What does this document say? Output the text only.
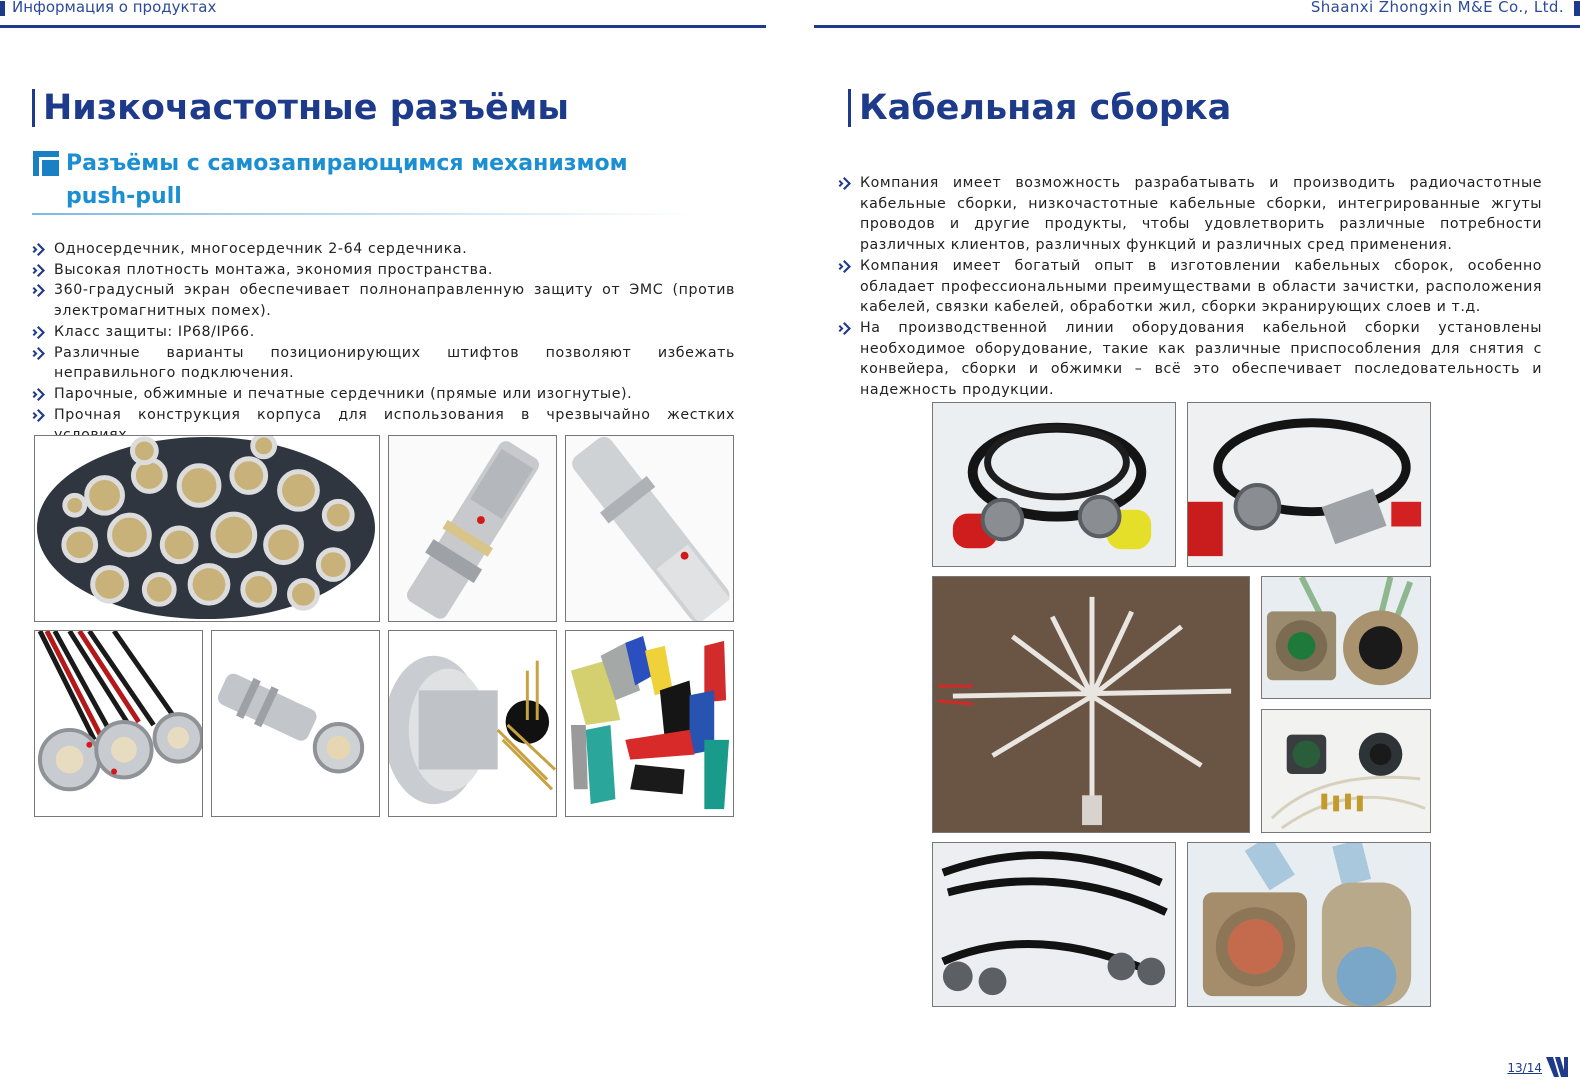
Информация о продуктах	Shaanxi Zhongxin M&E Co., Ltd.
Низкочастотные разъёмы
Разъёмы с самозапирающимся механизмом
push-pull
Односердечник, многосердечник 2-64 сердечника.
Высокая плотность монтажа, экономия пространства.
360-градусный экран обеспечивает полнонаправленную защиту от ЭМС (против электромагнитных помех).
Класс защиты: IP68/IP66.
Различные варианты позиционирующих штифтов позволяют избежать неправильного подключения.
Парочные, обжимные и печатные сердечники (прямые или изогнутые).
Прочная конструкция корпуса для использования в чрезвычайно жестких
Кабельная сборка
Компания имеет возможность разрабатывать и производить радиочастотные кабельные сборки, низкочастотные кабельные сборки, интегрированные жгуты проводов и другие продукты, чтобы удовлетворить различные потребности различных клиентов, различных функций и различных сред применения.
Компания имеет богатый опыт в изготовлении кабельных сборок, особенно обладает профессиональными преимуществами в области зачистки, расположения кабелей, связки кабелей, обработки жил, сборки экранирующих слоев и т.д.
На производственной линии оборудования кабельной сборки установлены необходимое оборудование, такие как различные приспособления для снятия с конвейера, сборки и обжимки – всё это обеспечивает последовательность и надежность продукции.
13/14
